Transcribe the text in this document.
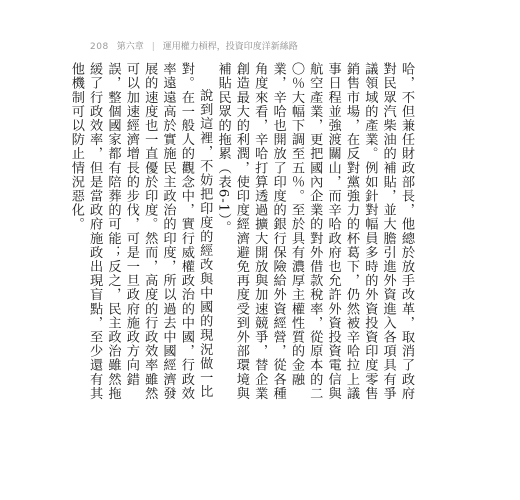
208 第六章 | 運用權力槓桿，投資印度洋新絲路

哈，不但兼任財政部長，他總於放手改革，取消了政府對民眾汽柴油的補貼，並大膽引進外資進入各項具有爭議領域的產業。例如針對幅員多時的外資投資印度零售銷售市場，在反對黨強力的杯葛下，仍然被辛哈拉上議事日程並強渡關山，而辛哈政府也允許外資投資電信與航空產業，更把國內企業的對外借款稅率，從原本的二〇％大幅下調至五％。至於具有濃厚主權性質的金融業，辛哈也開放了印度的銀行保險給外資經營，從各種角度來看，辛哈打算透過擴大開放與加速競爭，替企業創造最大的利潤，使印度經濟避免再度受到外部環境與補貼民眾的拖累（表6-1）。

說到這裡，不妨把印度的經改與中國的現況做一比對。在一般人的觀念中，實行威權政治的中國，行政效率遠遠高於實施民主政治的印度，所以過去中國經濟發展的速度也一直優於印度。然而，高度的行政效率雖然可以加速經濟增長的步伐，可是一旦政府施政方向錯誤，整個國家都有陪葬的可能；反之，民主政治雖然拖緩了行政效率，但是當政府施政出現盲點，至少還有其他機制可以防止情況惡化。
